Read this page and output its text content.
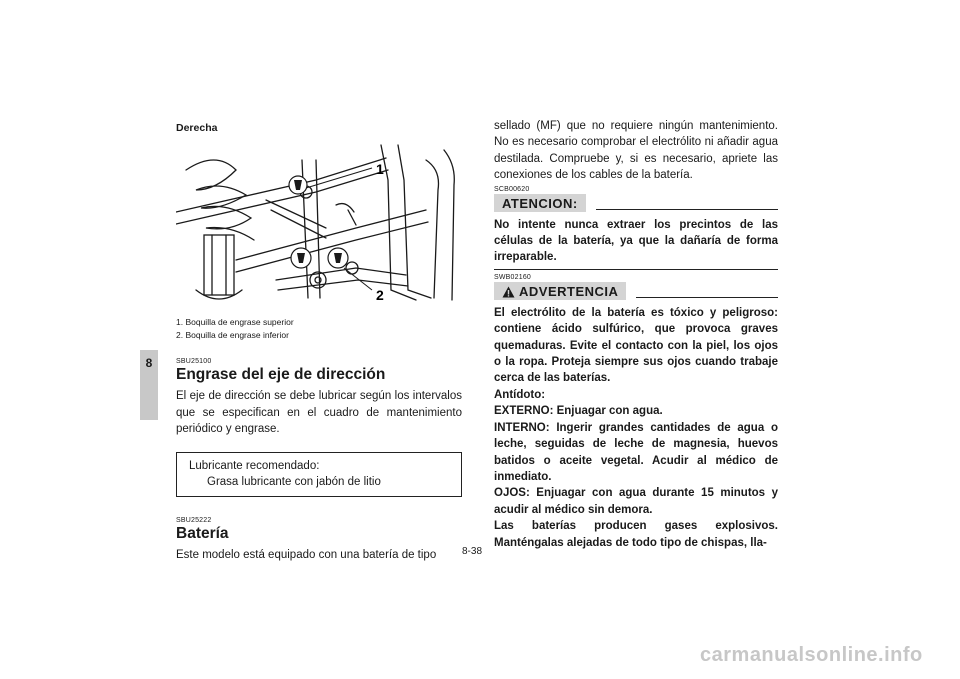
8
Derecha
1
2
1. Boquilla de engrase superior
2. Boquilla de engrase inferior
SBU25100
Engrase del eje de dirección
El eje de dirección se debe lubricar según los intervalos que se especifican en el cuadro de mantenimiento periódico y engrase.
Lubricante recomendado:
Grasa lubricante con jabón de litio
SBU25222
Batería
Este modelo está equipado con una batería de tipo
sellado (MF) que no requiere ningún mantenimiento. No es necesario comprobar el electrólito ni añadir agua destilada. Compruebe y, si es necesario, apriete las conexiones de los cables de la batería.
SCB00620
ATENCION:
No intente nunca extraer los precintos de las células de la batería, ya que la dañaría de forma irreparable.
SWB02160
ADVERTENCIA
El electrólito de la batería es tóxico y peligroso: contiene ácido sulfúrico, que provoca graves quemaduras. Evite el contacto con la piel, los ojos o la ropa. Proteja siempre sus ojos cuando trabaje cerca de las baterías.
Antídoto:
EXTERNO: Enjuagar con agua.
INTERNO: Ingerir grandes cantidades de agua o leche, seguidas de leche de magnesia, huevos batidos o aceite vegetal. Acudir al médico de inmediato.
OJOS: Enjuagar con agua durante 15 minutos y acudir al médico sin demora.
Las baterías producen gases explosivos. Manténgalas alejadas de todo tipo de chispas, lla-
8-38
carmanualsonline.info
